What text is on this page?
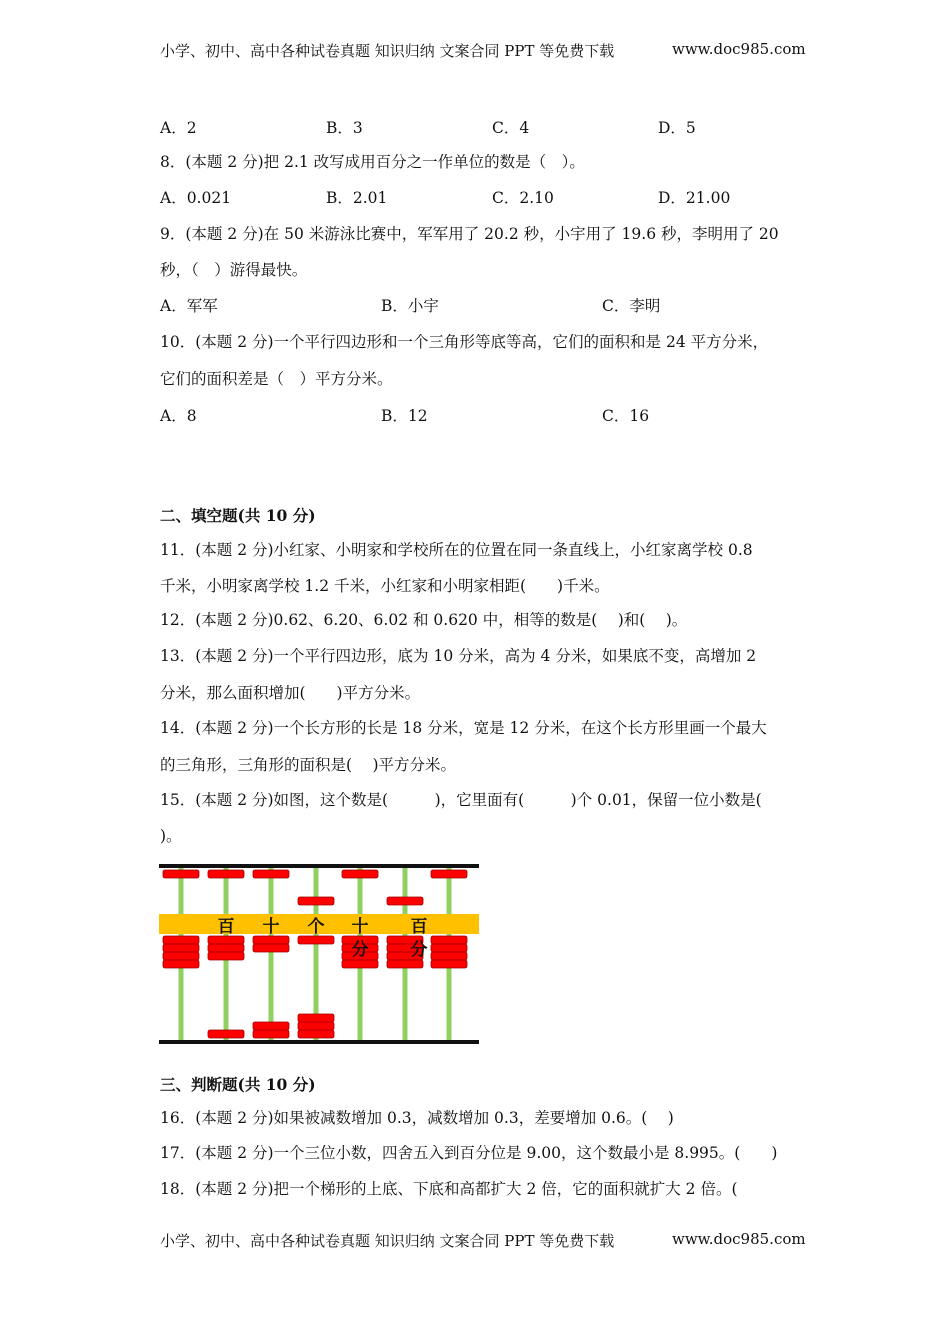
小学、初中、高中各种试卷真题 知识归纳 文案合同 PPT 等免费下载	www.doc985.com
A．2	B．3	C．4	D．5
8．(本题 2 分)把 2.1 改写成用百分之一作单位的数是（　）。
A．0.021	B．2.01	C．2.10	D．21.00
9．(本题 2 分)在 50 米游泳比赛中，军军用了 20.2 秒，小宇用了 19.6 秒，李明用了 20
秒，（　）游得最快。
A．军军	B．小宇	C．李明
10．(本题 2 分)一个平行四边形和一个三角形等底等高，它们的面积和是 24 平方分米，
它们的面积差是（　）平方分米。
A．8	B．12	C．16
二、填空题(共 10 分)
11．(本题 2 分)小红家、小明家和学校所在的位置在同一条直线上，小红家离学校 0.8
千米，小明家离学校 1.2 千米，小红家和小明家相距(　　)千米。
12．(本题 2 分)0.62、6.20、6.02 和 0.620 中，相等的数是(　 )和(　 )。
13．(本题 2 分)一个平行四边形，底为 10 分米，高为 4 分米，如果底不变，高增加 2
分米，那么面积增加(　　)平方分米。
14．(本题 2 分)一个长方形的长是 18 分米，宽是 12 分米，在这个长方形里画一个最大
的三角形，三角形的面积是(　 )平方分米。
15．(本题 2 分)如图，这个数是(　　　)，它里面有(　　　)个 0.01，保留一位小数是(
)。
百 十 个 十 百
分 分
三、判断题(共 10 分)
16．(本题 2 分)如果被减数增加 0.3，减数增加 0.3，差要增加 0.6。(　 )
17．(本题 2 分)一个三位小数，四舍五入到百分位是 9.00，这个数最小是 8.995。(　　)
18．(本题 2 分)把一个梯形的上底、下底和高都扩大 2 倍，它的面积就扩大 2 倍。(
小学、初中、高中各种试卷真题 知识归纳 文案合同 PPT 等免费下载	www.doc985.com
